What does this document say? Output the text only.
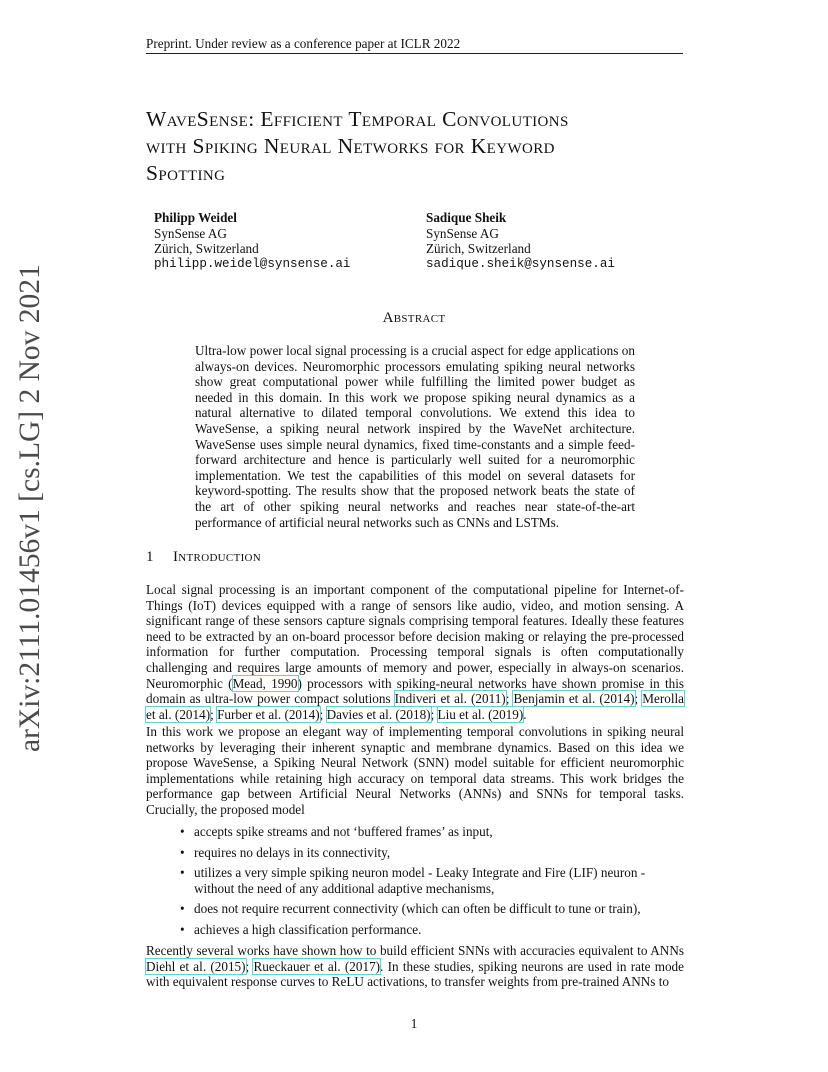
Preprint. Under review as a conference paper at ICLR 2022
arXiv:2111.01456v1 [cs.LG] 2 Nov 2021
WaveSense: Efficient Temporal Convolutions
with Spiking Neural Networks for Keyword
Spotting
Philipp Weidel
SynSense AG
Zürich, Switzerland
philipp.weidel@synsense.ai
Sadique Sheik
SynSense AG
Zürich, Switzerland
sadique.sheik@synsense.ai
Abstract

Ultra-low power local signal processing is a crucial aspect for edge applications on always-on devices. Neuromorphic processors emulating spiking neural networks show great computational power while fulfilling the limited power budget as needed in this domain. In this work we propose spiking neural dynamics as a natural alternative to dilated temporal convolutions. We extend this idea to WaveSense, a spiking neural network inspired by the WaveNet architecture. WaveSense uses simple neural dynamics, fixed time-constants and a simple feed-forward architecture and hence is particularly well suited for a neuromorphic implementation. We test the capabilities of this model on several datasets for keyword-spotting. The results show that the proposed network beats the state of the art of other spiking neural networks and reaches near state-of-the-art performance of artificial neural networks such as CNNs and LSTMs.

1 Introduction

Local signal processing is an important component of the computational pipeline for Internet-of-Things (IoT) devices equipped with a range of sensors like audio, video, and motion sensing. A significant range of these sensors capture signals comprising temporal features. Ideally these features need to be extracted by an on-board processor before decision making or relaying the pre-processed information for further computation. Processing temporal signals is often computationally challenging and requires large amounts of memory and power, especially in always-on scenarios. Neuromorphic (Mead, 1990) processors with spiking-neural networks have shown promise in this domain as ultra-low power compact solutions Indiveri et al. (2011); Benjamin et al. (2014); Merolla et al. (2014); Furber et al. (2014); Davies et al. (2018); Liu et al. (2019).

In this work we propose an elegant way of implementing temporal convolutions in spiking neural networks by leveraging their inherent synaptic and membrane dynamics. Based on this idea we propose WaveSense, a Spiking Neural Network (SNN) model suitable for efficient neuromorphic implementations while retaining high accuracy on temporal data streams. This work bridges the performance gap between Artificial Neural Networks (ANNs) and SNNs for temporal tasks. Crucially, the proposed model

• accepts spike streams and not ‘buffered frames’ as input,
• requires no delays in its connectivity,
• utilizes a very simple spiking neuron model - Leaky Integrate and Fire (LIF) neuron - without the need of any additional adaptive mechanisms,
• does not require recurrent connectivity (which can often be difficult to tune or train),
• achieves a high classification performance.

Recently several works have shown how to build efficient SNNs with accuracies equivalent to ANNs Diehl et al. (2015); Rueckauer et al. (2017). In these studies, spiking neurons are used in rate mode with equivalent response curves to ReLU activations, to transfer weights from pre-trained ANNs to

1
